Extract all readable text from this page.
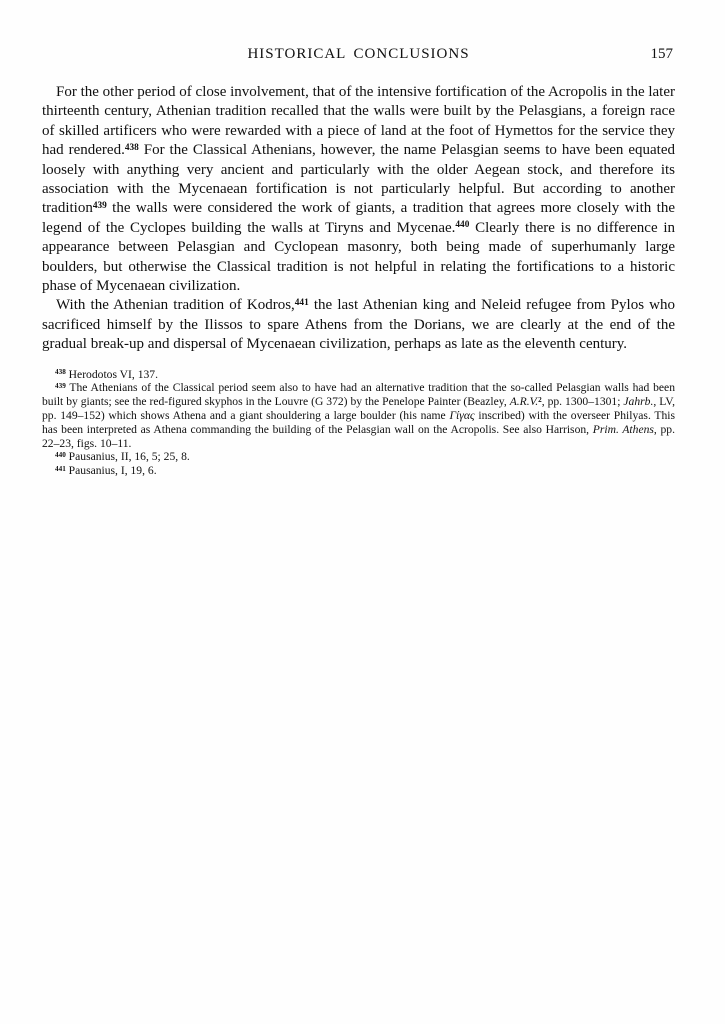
HISTORICAL CONCLUSIONS	157

For the other period of close involvement, that of the intensive fortification of the Acropolis in the later thirteenth century, Athenian tradition recalled that the walls were built by the Pelasgians, a foreign race of skilled artificers who were rewarded with a piece of land at the foot of Hymettos for the service they had rendered.$^{438}$ For the Classical Athenians, however, the name Pelasgian seems to have been equated loosely with anything very ancient and particularly with the older Aegean stock, and therefore its association with the Mycenaean fortification is not particularly helpful. But according to another tradition$^{439}$ the walls were considered the work of giants, a tradition that agrees more closely with the legend of the Cyclopes building the walls at Tiryns and Mycenae.$^{440}$ Clearly there is no difference in appearance between Pelasgian and Cyclopean masonry, both being made of superhumanly large boulders, but otherwise the Classical tradition is not helpful in relating the fortifications to a historic phase of Mycenaean civilization.

With the Athenian tradition of Kodros,$^{441}$ the last Athenian king and Neleid refugee from Pylos who sacrificed himself by the Ilissos to spare Athens from the Dorians, we are clearly at the end of the gradual break-up and dispersal of Mycenaean civilization, perhaps as late as the eleventh century.

$^{438}$ Herodotos VI, 137.

$^{439}$ The Athenians of the Classical period seem also to have had an alternative tradition that the so-called Pelasgian walls had been built by giants; see the red-figured skyphos in the Louvre (G 372) by the Penelope Painter (Beazley, A.R.V.$^2$, pp. 1300–1301; Jahrb., LV, pp. 149–152) which shows Athena and a giant shouldering a large boulder (his name Γίγας inscribed) with the overseer Philyas. This has been interpreted as Athena commanding the building of the Pelasgian wall on the Acropolis. See also Harrison, Prim. Athens, pp. 22–23, figs. 10–11.

$^{440}$ Pausanius, II, 16, 5; 25, 8.

$^{441}$ Pausanius, I, 19, 6.
